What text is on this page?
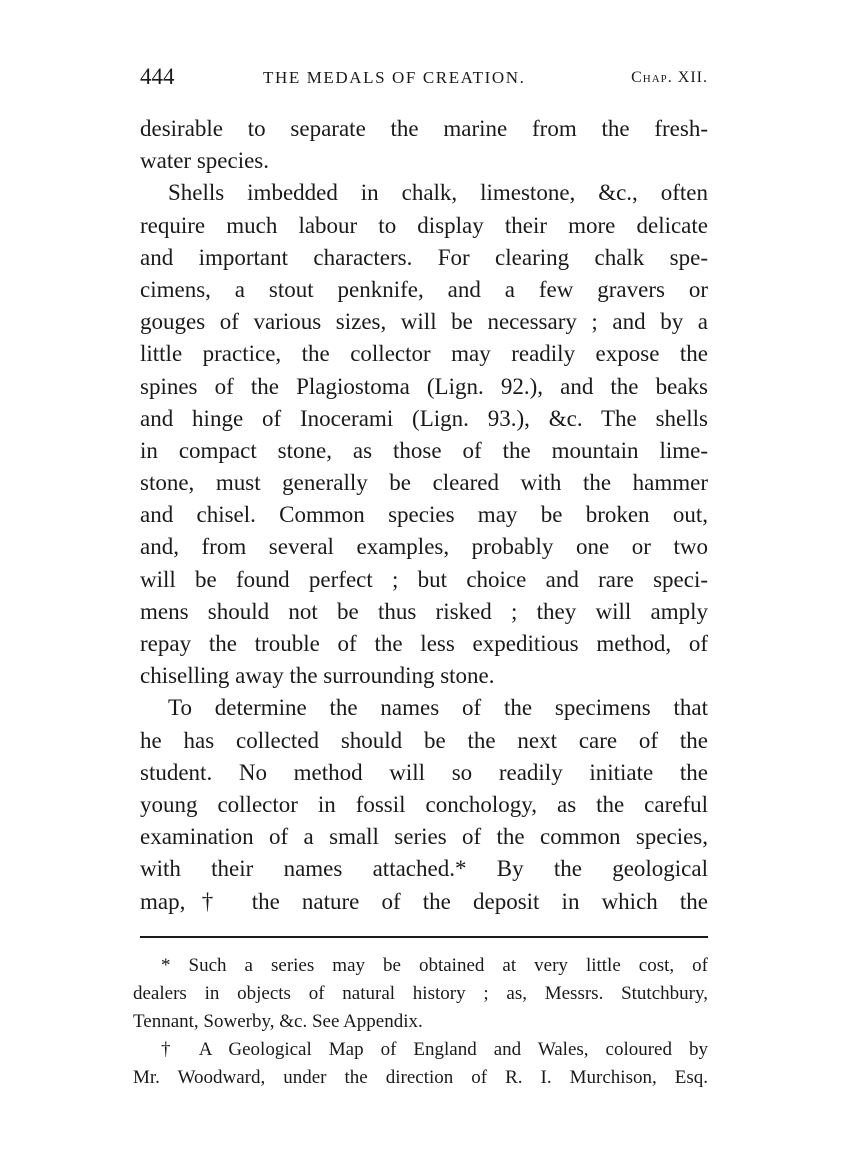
444	THE MEDALS OF CREATION.	Chap. XII.
desirable to separate the marine from the fresh-
water species.
Shells imbedded in chalk, limestone, &c., often
require much labour to display their more delicate
and important characters. For clearing chalk spe-
cimens, a stout penknife, and a few gravers or
gouges of various sizes, will be necessary ; and by a
little practice, the collector may readily expose the
spines of the Plagiostoma (Lign. 92.), and the beaks
and hinge of Inocerami (Lign. 93.), &c. The shells
in compact stone, as those of the mountain lime-
stone, must generally be cleared with the hammer
and chisel. Common species may be broken out,
and, from several examples, probably one or two
will be found perfect ; but choice and rare speci-
mens should not be thus risked ; they will amply
repay the trouble of the less expeditious method, of
chiselling away the surrounding stone.
To determine the names of the specimens that
he has collected should be the next care of the
student. No method will so readily initiate the
young collector in fossil conchology, as the careful
examination of a small series of the common species,
with their names attached.* By the geological
map,† the nature of the deposit in which the
* Such a series may be obtained at very little cost, of
dealers in objects of natural history ; as, Messrs. Stutchbury,
Tennant, Sowerby, &c. See Appendix.
† A Geological Map of England and Wales, coloured by
Mr. Woodward, under the direction of R. I. Murchison, Esq.
